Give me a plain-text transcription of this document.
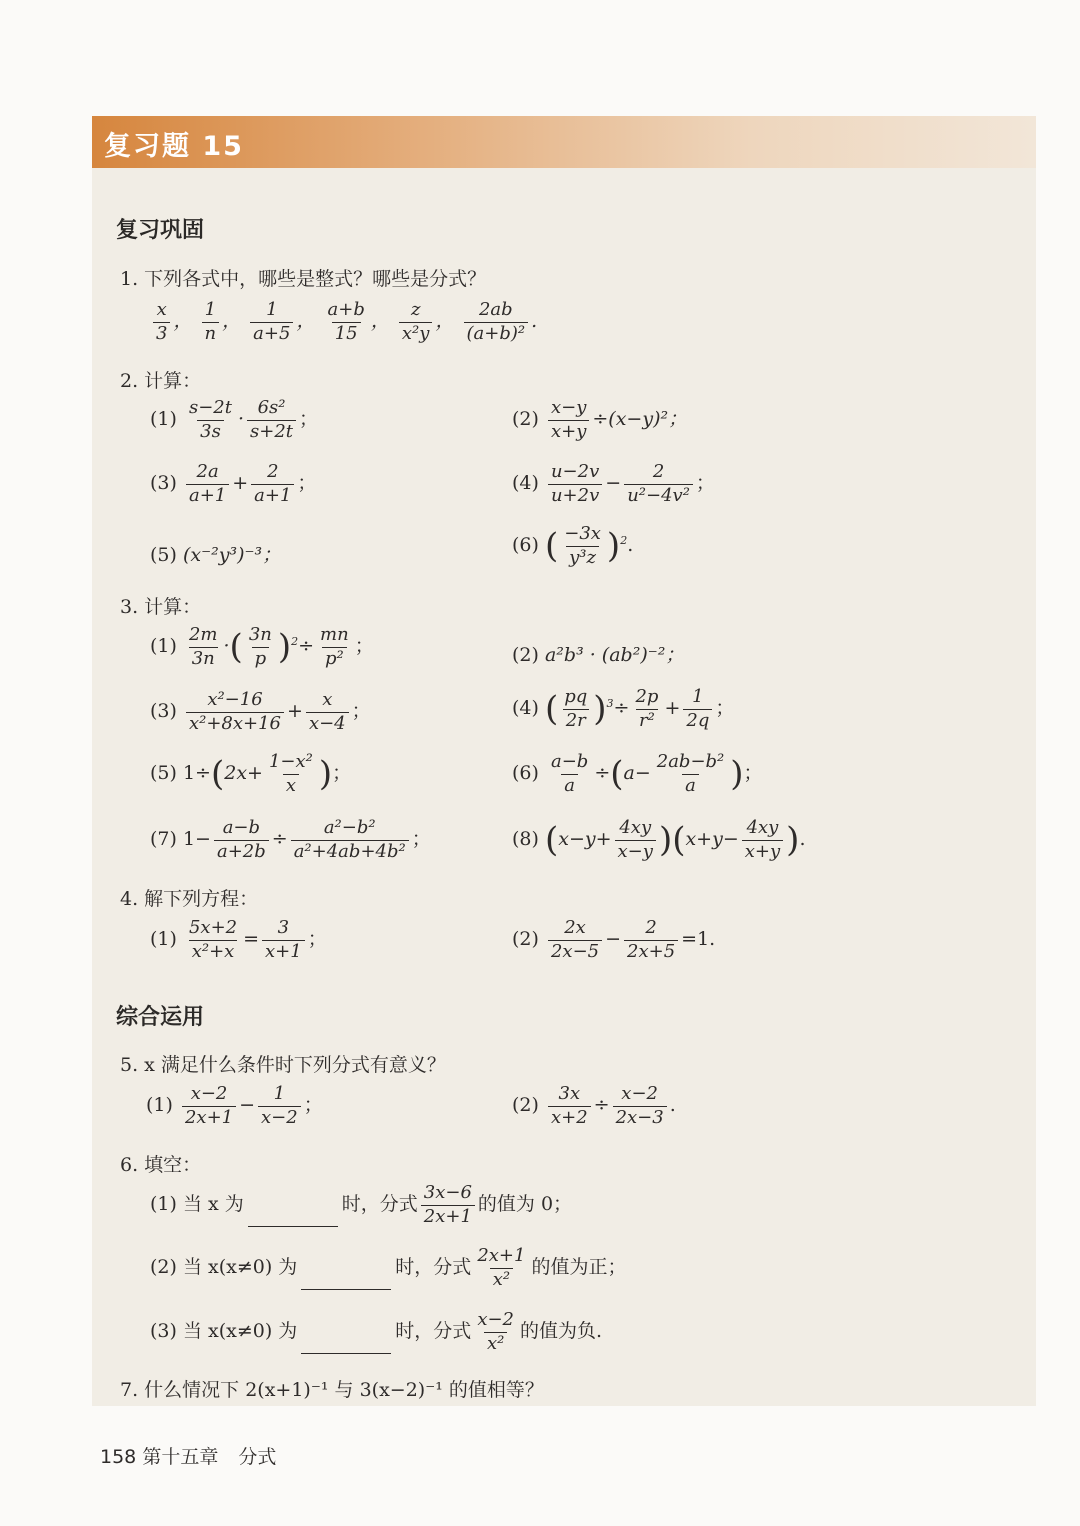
复习题 15
复习巩固
1. 下列各式中，哪些是整式？哪些是分式？
$\frac{x}{3}$ ， $\frac{1}{n}$ ， $\frac{1}{a+5}$ ， $\frac{a+b}{15}$ ， $\frac{z}{\text{x²y}}$ ， $\frac{2ab}{\text{(a+b)²}}$ .
2. 计算：
$(1) \frac{s-2t}{3s} \cdot \frac{\text{6s²}}{s+2t}$ ；	$(2) \frac{x-y}{x+y} \div(x-y)^2$；
$(3) \frac{2a}{a+1} + \frac{2}{a+1}$ ；	$(4) \frac{u-2v}{u+2v} - \frac{2}{\text{u²−4v²}}$ ；
(5) (x⁻²y³)⁻³；	(6) ( $\frac{-3x}{\text{y³z}} )^2$.
3. 计算：
$(1) \frac{2m}{3n}$ ·( $\frac{3n}{p} )^2\div \frac{mn}{\text{p²}}$ ；	(2) a²b³ · (ab²)⁻²；
$(3) \frac{\text{x²−16}}{\text{x²+8x+16}} + \frac{x}{x-4}$ ；	(4) ( $\frac{pq}{2r} )^3\div \frac{2p}{\text{r²}} + \frac{1}{2q}$ ；
(5) $1\div(2x+ \frac{\text{1−x²}}{x}$ )；	$(6) \frac{a-b}{a} \div(a- \frac{\text{2ab−b²}}{a}$ )；
(7) $1- \frac{a-b}{a+2b} \div \frac{\text{a²−b²}}{\text{a²+4ab+4b²}}$ ；	(8) $(x-y+ \frac{4xy}{x-y} )(x+y- \frac{4xy}{x+y}$ ).
4. 解下列方程：
$(1) \frac{5x+2}{\text{x²+x}} = \frac{3}{x+1}$ ；	$(2) \frac{2x}{2x-5} - \frac{2}{2x+5} =1$.
综合运用
5. x 满足什么条件时下列分式有意义？
$(1) \frac{x-2}{2x+1} - \frac{1}{x-2}$ ；	$(2) \frac{3x}{x+2} \div \frac{x-2}{2x-3}$ .
6. 填空：
(1) 当 x 为	时，分式 $\frac{3x-6}{2x+1}$ 的值为 0；
(2) 当 x(x≠0) 为	时，分式 $\frac{2x+1}{\text{x²}}$ 的值为正；
(3) 当 x(x≠0) 为	时，分式 $\frac{x-2}{\text{x²}}$ 的值为负.
7. 什么情况下 2(x+1)⁻¹ 与 3(x−2)⁻¹ 的值相等？
158 第十五章 分式
